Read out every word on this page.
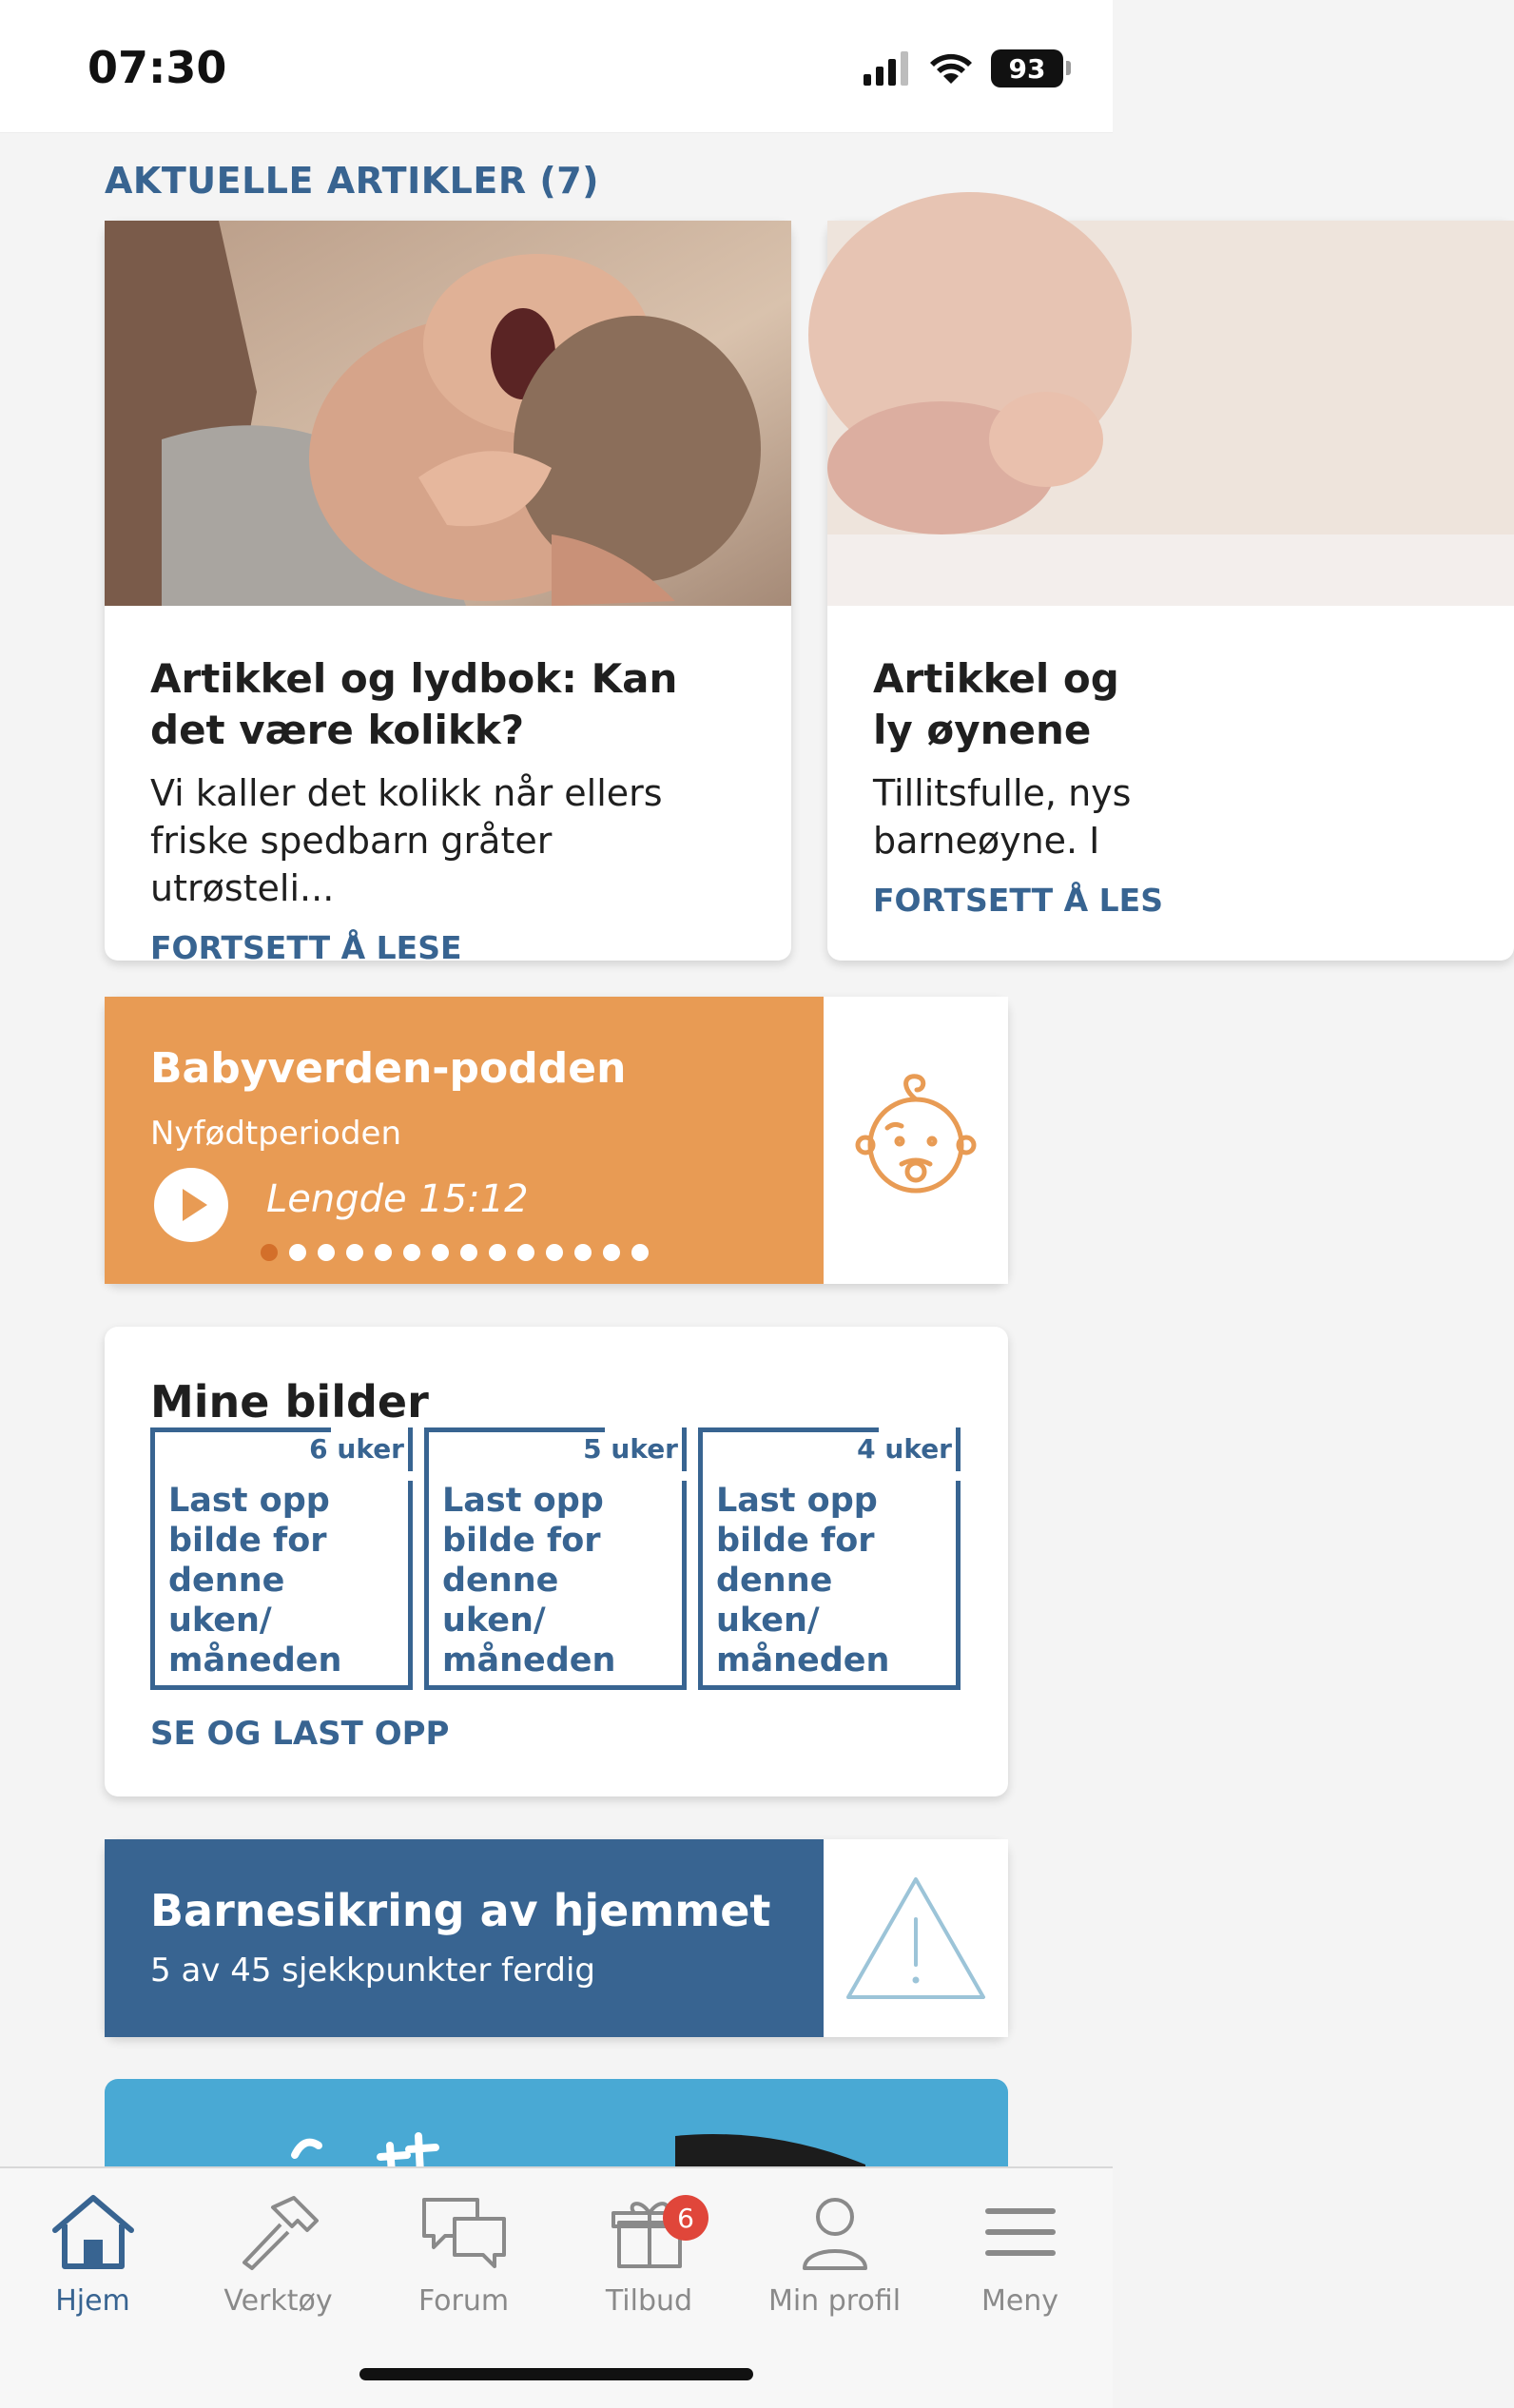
07:30	93
AKTUELLE ARTIKLER (7)
Artikkel og lydbok: Kan det være kolikk?
Vi kaller det kolikk når ellers friske spedbarn gråter utrøsteli...
FORTSETT Å LESE
Artikkel og ly øynene
Tillitsfulle, nys barneøyne. I
FORTSETT Å LES
Babyverden-podden
Nyfødtperioden
Lengde 15:12
Mine bilder
6 uker
Last opp bilde for denne uken/ måneden
5 uker
Last opp bilde for denne uken/ måneden
4 uker
Last opp bilde for denne uken/ måneden
SE OG LAST OPP
Barnesikring av hjemmet
5 av 45 sjekkpunkter ferdig
Hjem	Verktøy	Forum
6
Tilbud	Min profil	Meny
